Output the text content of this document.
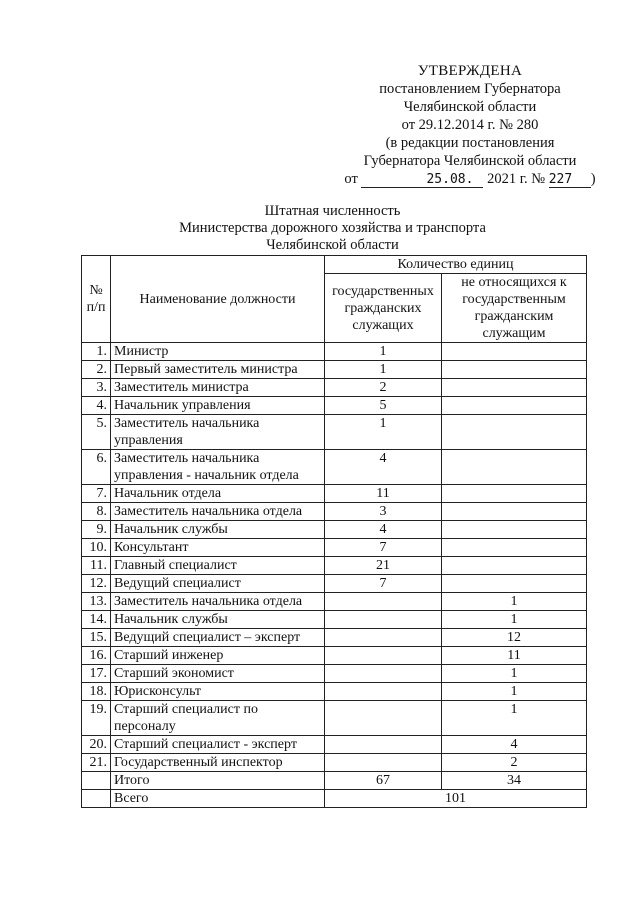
УТВЕРЖДЕНА
постановлением Губернатора
Челябинской области
от 29.12.2014 г. № 280
(в редакции постановления
Губернатора Челябинской области
от	25.08. 2021 г. № 227 )
Штатная численность
Министерства дорожного хозяйства и транспорта
Челябинской области
№ п/п	Наименование должности	Количество единиц	
		государственных гражданских служащих	не относящихся к государственным гражданским служащим
1.	Министр	1	
2.	Первый заместитель министра	1	
3.	Заместитель министра	2	
4.	Начальник управления	5	
5.	Заместитель начальника управления	1	
6.	Заместитель начальника управления - начальник отдела	4	
7.	Начальник отдела	11	
8.	Заместитель начальника отдела	3	
9.	Начальник службы	4	
10.	Консультант	7	
11.	Главный специалист	21	
12.	Ведущий специалист	7	
13.	Заместитель начальника отдела		1
14.	Начальник службы		1
15.	Ведущий специалист – эксперт		12
16.	Старший инженер		11
17.	Старший экономист		1
18.	Юрисконсульт		1
19.	Старший специалист по персоналу		1
20.	Старший специалист - эксперт		4
21.	Государственный инспектор		2
	Итого	67	34
	Всего	101	
